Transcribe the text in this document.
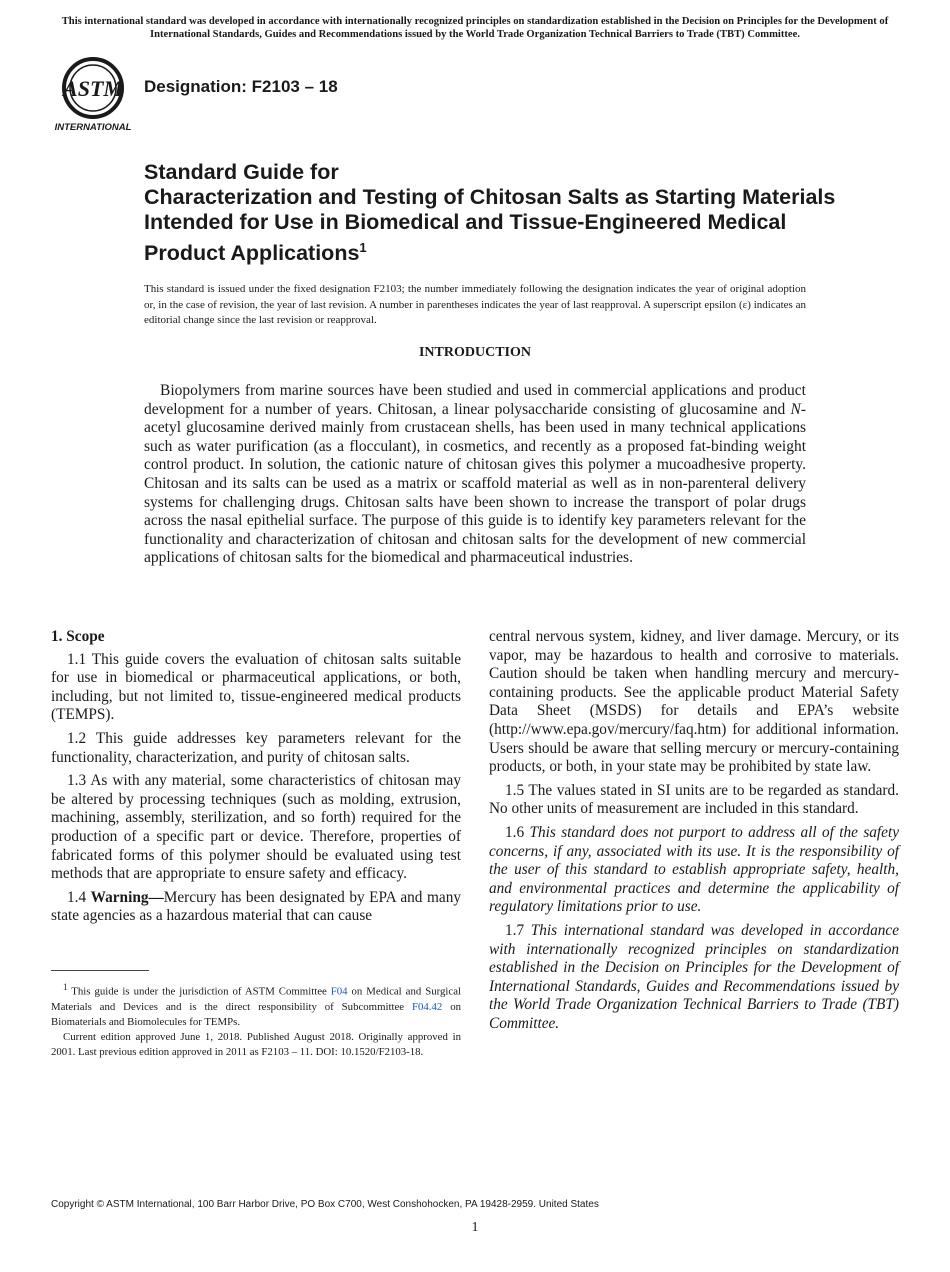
This international standard was developed in accordance with internationally recognized principles on standardization established in the Decision on Principles for the Development of International Standards, Guides and Recommendations issued by the World Trade Organization Technical Barriers to Trade (TBT) Committee.
ASTM
INTERNATIONAL
Designation: F2103 – 18
Standard Guide for
Characterization and Testing of Chitosan Salts as Starting Materials Intended for Use in Biomedical and Tissue-Engineered Medical Product Applications$^1$
This standard is issued under the fixed designation F2103; the number immediately following the designation indicates the year of original adoption or, in the case of revision, the year of last revision. A number in parentheses indicates the year of last reapproval. A superscript epsilon (ε) indicates an editorial change since the last revision or reapproval.
INTRODUCTION

Biopolymers from marine sources have been studied and used in commercial applications and product development for a number of years. Chitosan, a linear polysaccharide consisting of glucosamine and N-acetyl glucosamine derived mainly from crustacean shells, has been used in many technical applications such as water purification (as a flocculant), in cosmetics, and recently as a proposed fat-binding weight control product. In solution, the cationic nature of chitosan gives this polymer a mucoadhesive property. Chitosan and its salts can be used as a matrix or scaffold material as well as in non-parenteral delivery systems for challenging drugs. Chitosan salts have been shown to increase the transport of polar drugs across the nasal epithelial surface. The purpose of this guide is to identify key parameters relevant for the functionality and characterization of chitosan and chitosan salts for the development of new commercial applications of chitosan salts for the biomedical and pharmaceutical industries.

1. Scope

1.1 This guide covers the evaluation of chitosan salts suitable for use in biomedical or pharmaceutical applications, or both, including, but not limited to, tissue-engineered medical products (TEMPS).

1.2 This guide addresses key parameters relevant for the functionality, characterization, and purity of chitosan salts.

1.3 As with any material, some characteristics of chitosan may be altered by processing techniques (such as molding, extrusion, machining, assembly, sterilization, and so forth) required for the production of a specific part or device. Therefore, properties of fabricated forms of this polymer should be evaluated using test methods that are appropriate to ensure safety and efficacy.

1.4 Warning—Mercury has been designated by EPA and many state agencies as a hazardous material that can cause

central nervous system, kidney, and liver damage. Mercury, or its vapor, may be hazardous to health and corrosive to materials. Caution should be taken when handling mercury and mercury-containing products. See the applicable product Material Safety Data Sheet (MSDS) for details and EPA’s website (http://www.epa.gov/mercury/faq.htm) for additional information. Users should be aware that selling mercury or mercury-containing products, or both, in your state may be prohibited by state law.

1.5 The values stated in SI units are to be regarded as standard. No other units of measurement are included in this standard.

1.6 This standard does not purport to address all of the safety concerns, if any, associated with its use. It is the responsibility of the user of this standard to establish appropriate safety, health, and environmental practices and determine the applicability of regulatory limitations prior to use.

1.7 This international standard was developed in accordance with internationally recognized principles on standardization established in the Decision on Principles for the Development of International Standards, Guides and Recommendations issued by the World Trade Organization Technical Barriers to Trade (TBT) Committee.

$^1$ This guide is under the jurisdiction of ASTM Committee F04 on Medical and Surgical Materials and Devices and is the direct responsibility of Subcommittee F04.42 on Biomaterials and Biomolecules for TEMPs.

Current edition approved June 1, 2018. Published August 2018. Originally approved in 2001. Last previous edition approved in 2011 as F2103 – 11. DOI: 10.1520/F2103-18.

Copyright © ASTM International, 100 Barr Harbor Drive, PO Box C700, West Conshohocken, PA 19428-2959. United States
1
